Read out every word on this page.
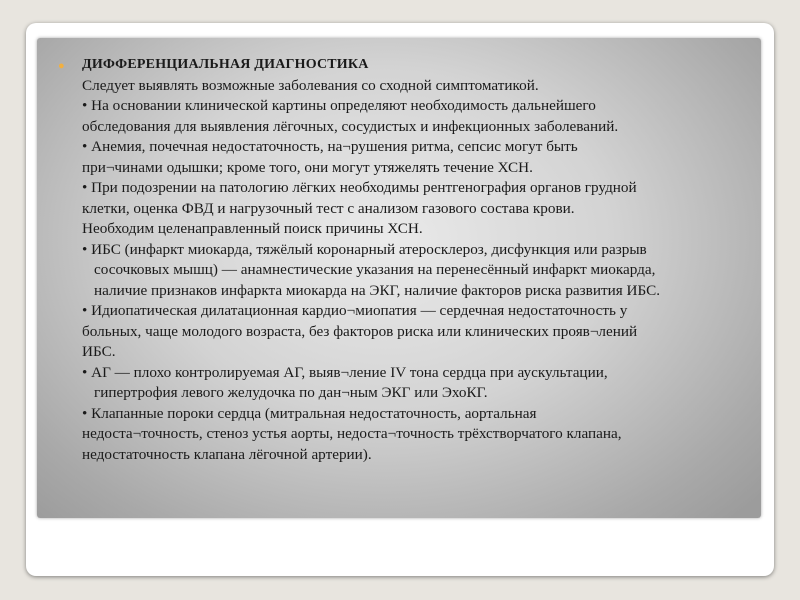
● ДИФФЕРЕНЦИАЛЬНАЯ ДИАГНОСТИКА
Следует выявлять возможные заболевания со сходной симптоматикой.
• На основании клинической картины определяют необходимость дальнейшего
обследования для выявления лёгочных, сосудистых и инфекционных заболеваний.
• Анемия, почечная недостаточность, на¬рушения ритма, сепсис могут быть
при¬чинами одышки; кроме того, они могут утяжелять течение ХСН.
• При подозрении на патологию лёгких необходимы рентгенография органов грудной
клетки, оценка ФВД и нагрузочный тест с анализом газового состава крови.
Необходим целенаправленный поиск причины ХСН.
• ИБС (инфаркт миокарда, тяжёлый коронарный атеросклероз, дисфункция или разрыв
сосочковых мышц) — анамнестические указания на перенесённый инфаркт миокарда,
наличие признаков инфаркта миокарда на ЭКГ, наличие факторов риска развития ИБС.
• Идиопатическая дилатационная кардио¬миопатия — сердечная недостаточность у
больных, чаще молодого возраста, без факторов риска или клинических прояв¬лений
ИБС.
• АГ — плохо контролируемая АГ, выяв¬ление IV тона сердца при аускультации,
гипертрофия левого желудочка по дан¬ным ЭКГ или ЭхоКГ.
• Клапанные пороки сердца (митральная недостаточность, аортальная
недоста¬точность, стеноз устья аорты, недоста¬точность трёхстворчатого клапана,
недостаточность клапана лёгочной артерии).
